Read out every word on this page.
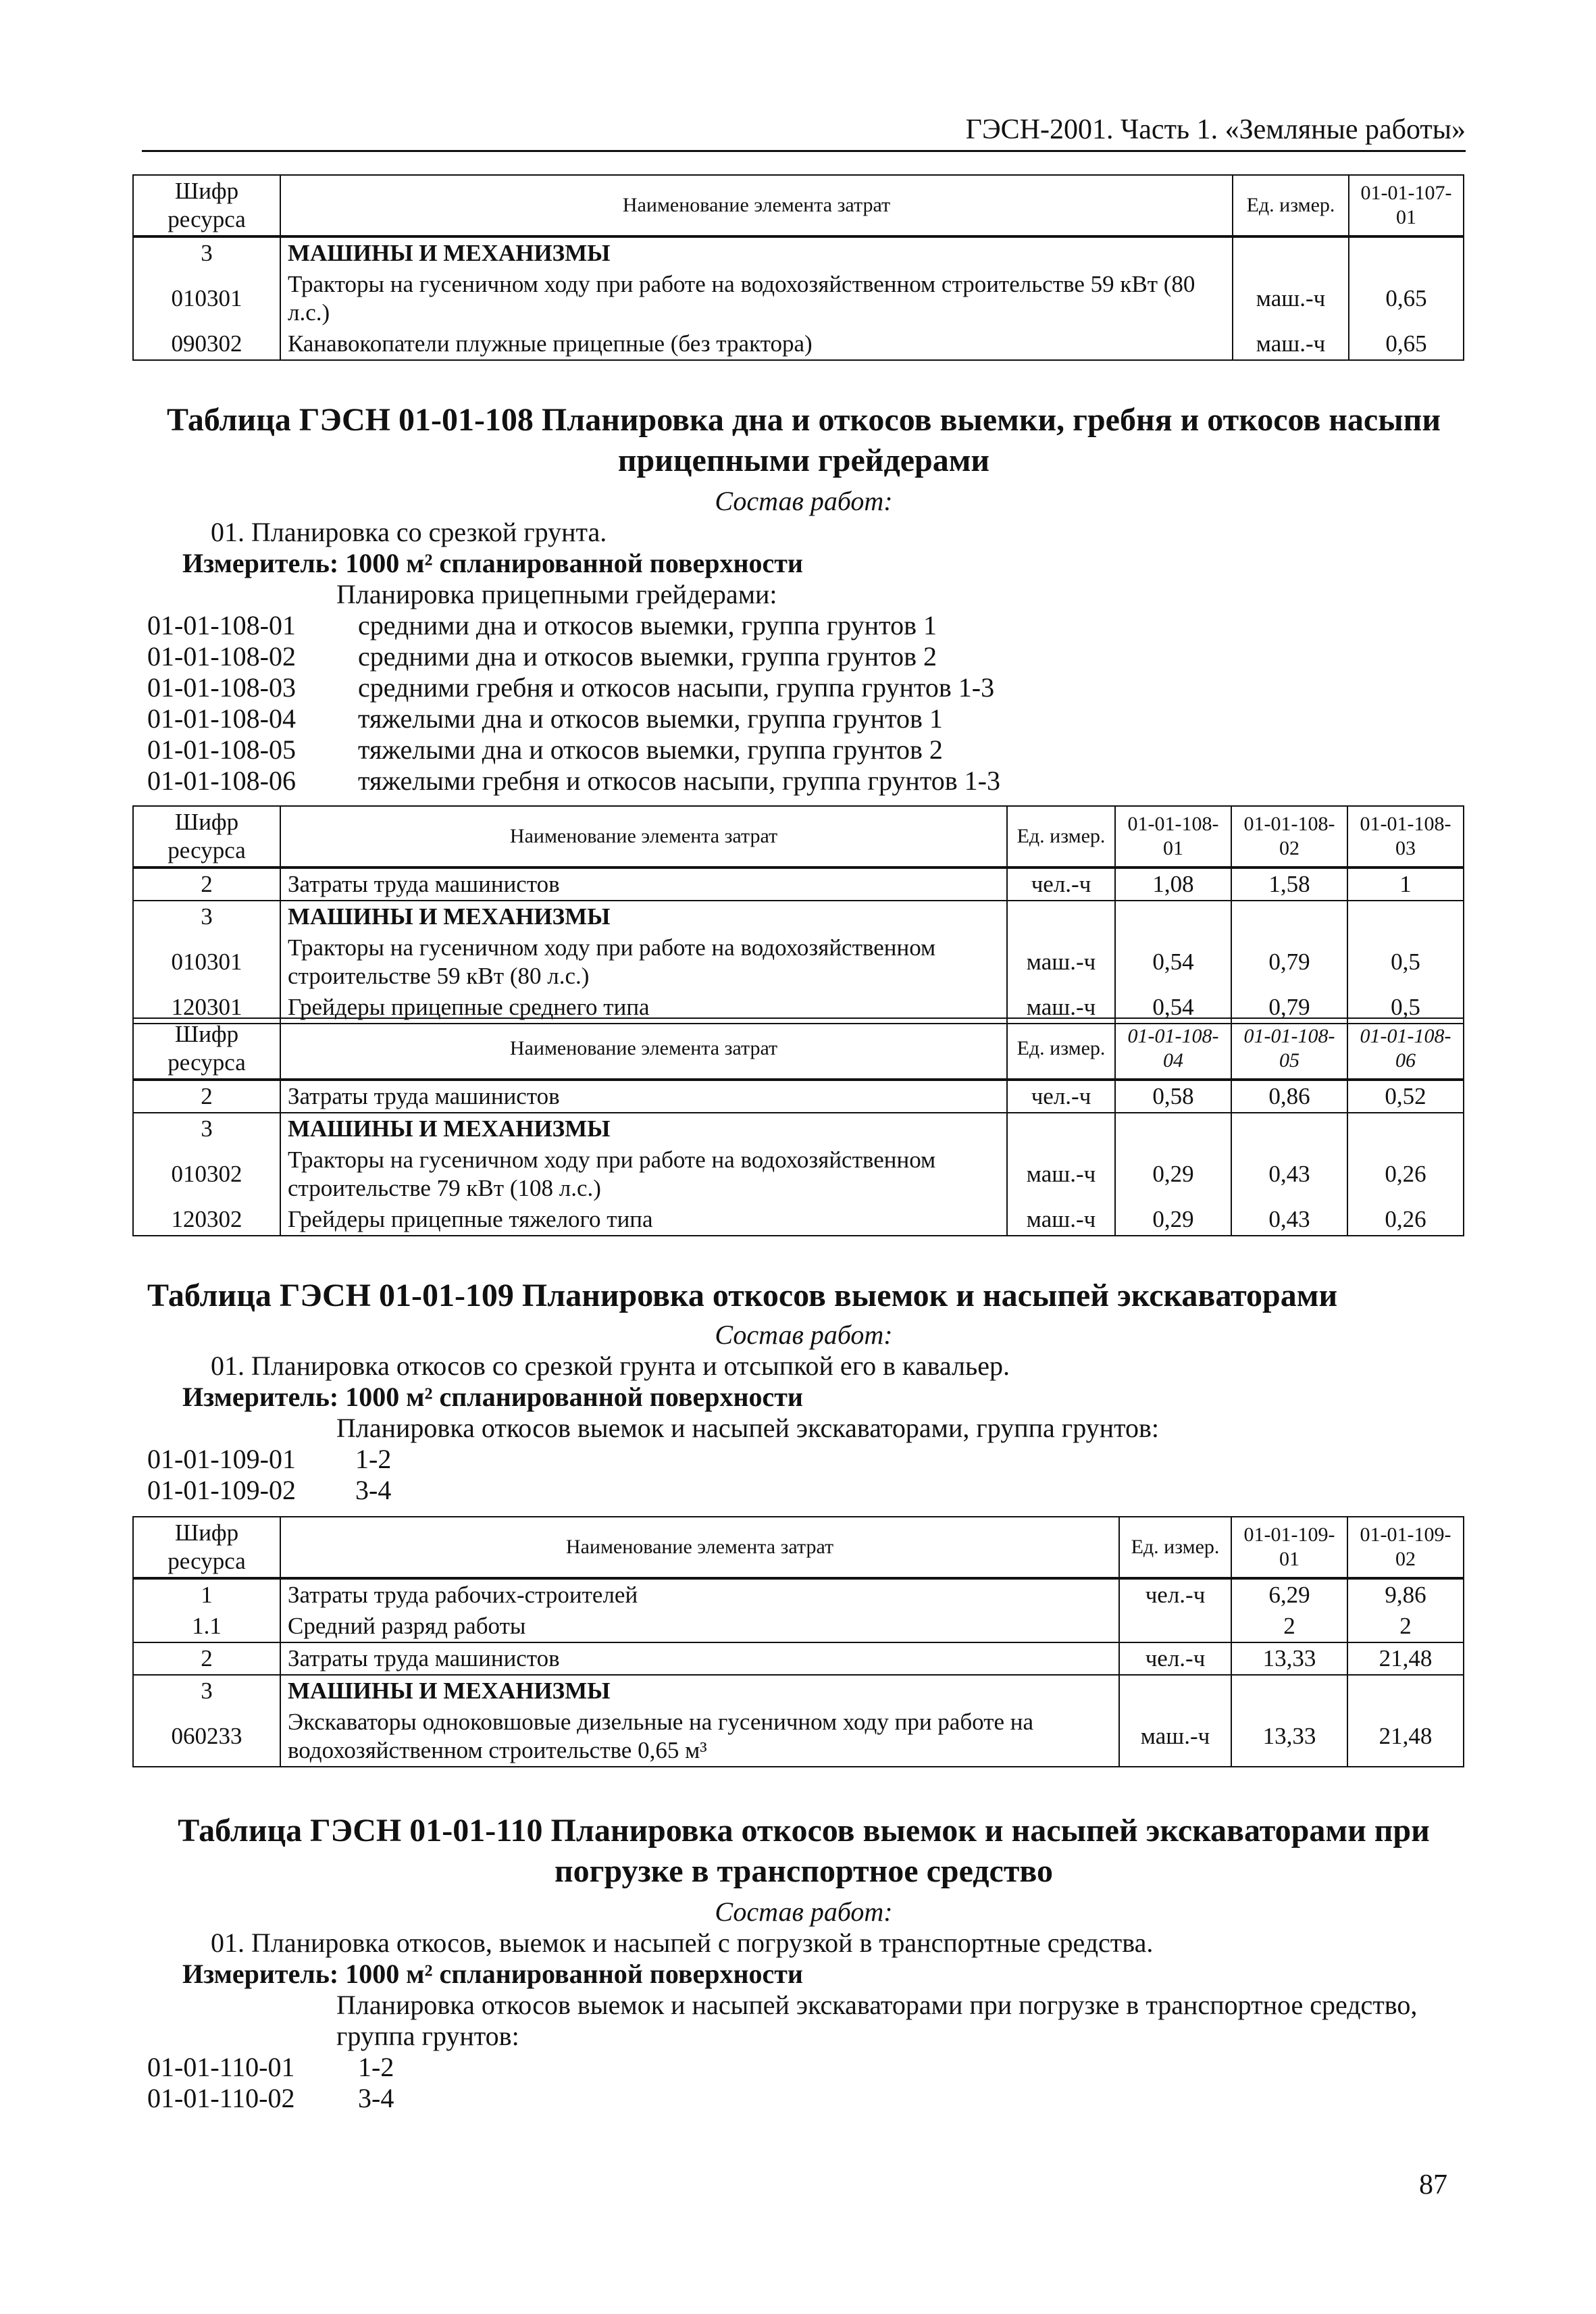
ГЭСН-2001. Часть 1. «Земляные работы»
Шифр ресурса	Наименование элемента затрат	Ед. измер.	01-01-107-01
3	МАШИНЫ И МЕХАНИЗМЫ		
010301	Тракторы на гусеничном ходу при работе на водохозяйственном строительстве 59 кВт (80 л.с.)	маш.-ч	0,65
090302	Канавокопатели плужные прицепные (без трактора)	маш.-ч	0,65
Таблица ГЭСН 01-01-108 Планировка дна и откосов выемки, гребня и откосов насыпи прицепными грейдерами
Состав работ:
01. Планировка со срезкой грунта.
Измеритель: 1000 м² спланированной поверхности
Планировка прицепными грейдерами:
01-01-108-01 средними дна и откосов выемки, группа грунтов 1
01-01-108-02 средними дна и откосов выемки, группа грунтов 2
01-01-108-03 средними гребня и откосов насыпи, группа грунтов 1-3
01-01-108-04 тяжелыми дна и откосов выемки, группа грунтов 1
01-01-108-05 тяжелыми дна и откосов выемки, группа грунтов 2
01-01-108-06 тяжелыми гребня и откосов насыпи, группа грунтов 1-3
Шифр ресурса	Наименование элемента затрат	Ед. измер.	01-01-108-01	01-01-108-02	01-01-108-03
2	Затраты труда машинистов	чел.-ч	1,08	1,58	1
3	МАШИНЫ И МЕХАНИЗМЫ				
010301	Тракторы на гусеничном ходу при работе на водохозяйственном строительстве 59 кВт (80 л.с.)	маш.-ч	0,54	0,79	0,5
120301	Грейдеры прицепные среднего типа	маш.-ч	0,54	0,79	0,5
Шифр ресурса	Наименование элемента затрат	Ед. измер.	01-01-108-04	01-01-108-05	01-01-108-06
2	Затраты труда машинистов	чел.-ч	0,58	0,86	0,52
3	МАШИНЫ И МЕХАНИЗМЫ				
010302	Тракторы на гусеничном ходу при работе на водохозяйственном строительстве 79 кВт (108 л.с.)	маш.-ч	0,29	0,43	0,26
120302	Грейдеры прицепные тяжелого типа	маш.-ч	0,29	0,43	0,26
Таблица ГЭСН 01-01-109 Планировка откосов выемок и насыпей экскаваторами
Состав работ:
01. Планировка откосов со срезкой грунта и отсыпкой его в кавальер.
Измеритель: 1000 м² спланированной поверхности
Планировка откосов выемок и насыпей экскаваторами, группа грунтов:
01-01-109-01 1-2
01-01-109-02 3-4
Шифр ресурса	Наименование элемента затрат	Ед. измер.	01-01-109-01	01-01-109-02
1	Затраты труда рабочих-строителей	чел.-ч	6,29	9,86
1.1	Средний разряд работы		2	2
2	Затраты труда машинистов	чел.-ч	13,33	21,48
3	МАШИНЫ И МЕХАНИЗМЫ			
060233	Экскаваторы одноковшовые дизельные на гусеничном ходу при работе на водохозяйственном строительстве 0,65 м³	маш.-ч	13,33	21,48
Таблица ГЭСН 01-01-110 Планировка откосов выемок и насыпей экскаваторами при погрузке в транспортное средство
Состав работ:
01. Планировка откосов, выемок и насыпей с погрузкой в транспортные средства.
Измеритель: 1000 м² спланированной поверхности
Планировка откосов выемок и насыпей экскаваторами при погрузке в транспортное средство,
группа грунтов:
01-01-110-01 1-2
01-01-110-02 3-4
87
